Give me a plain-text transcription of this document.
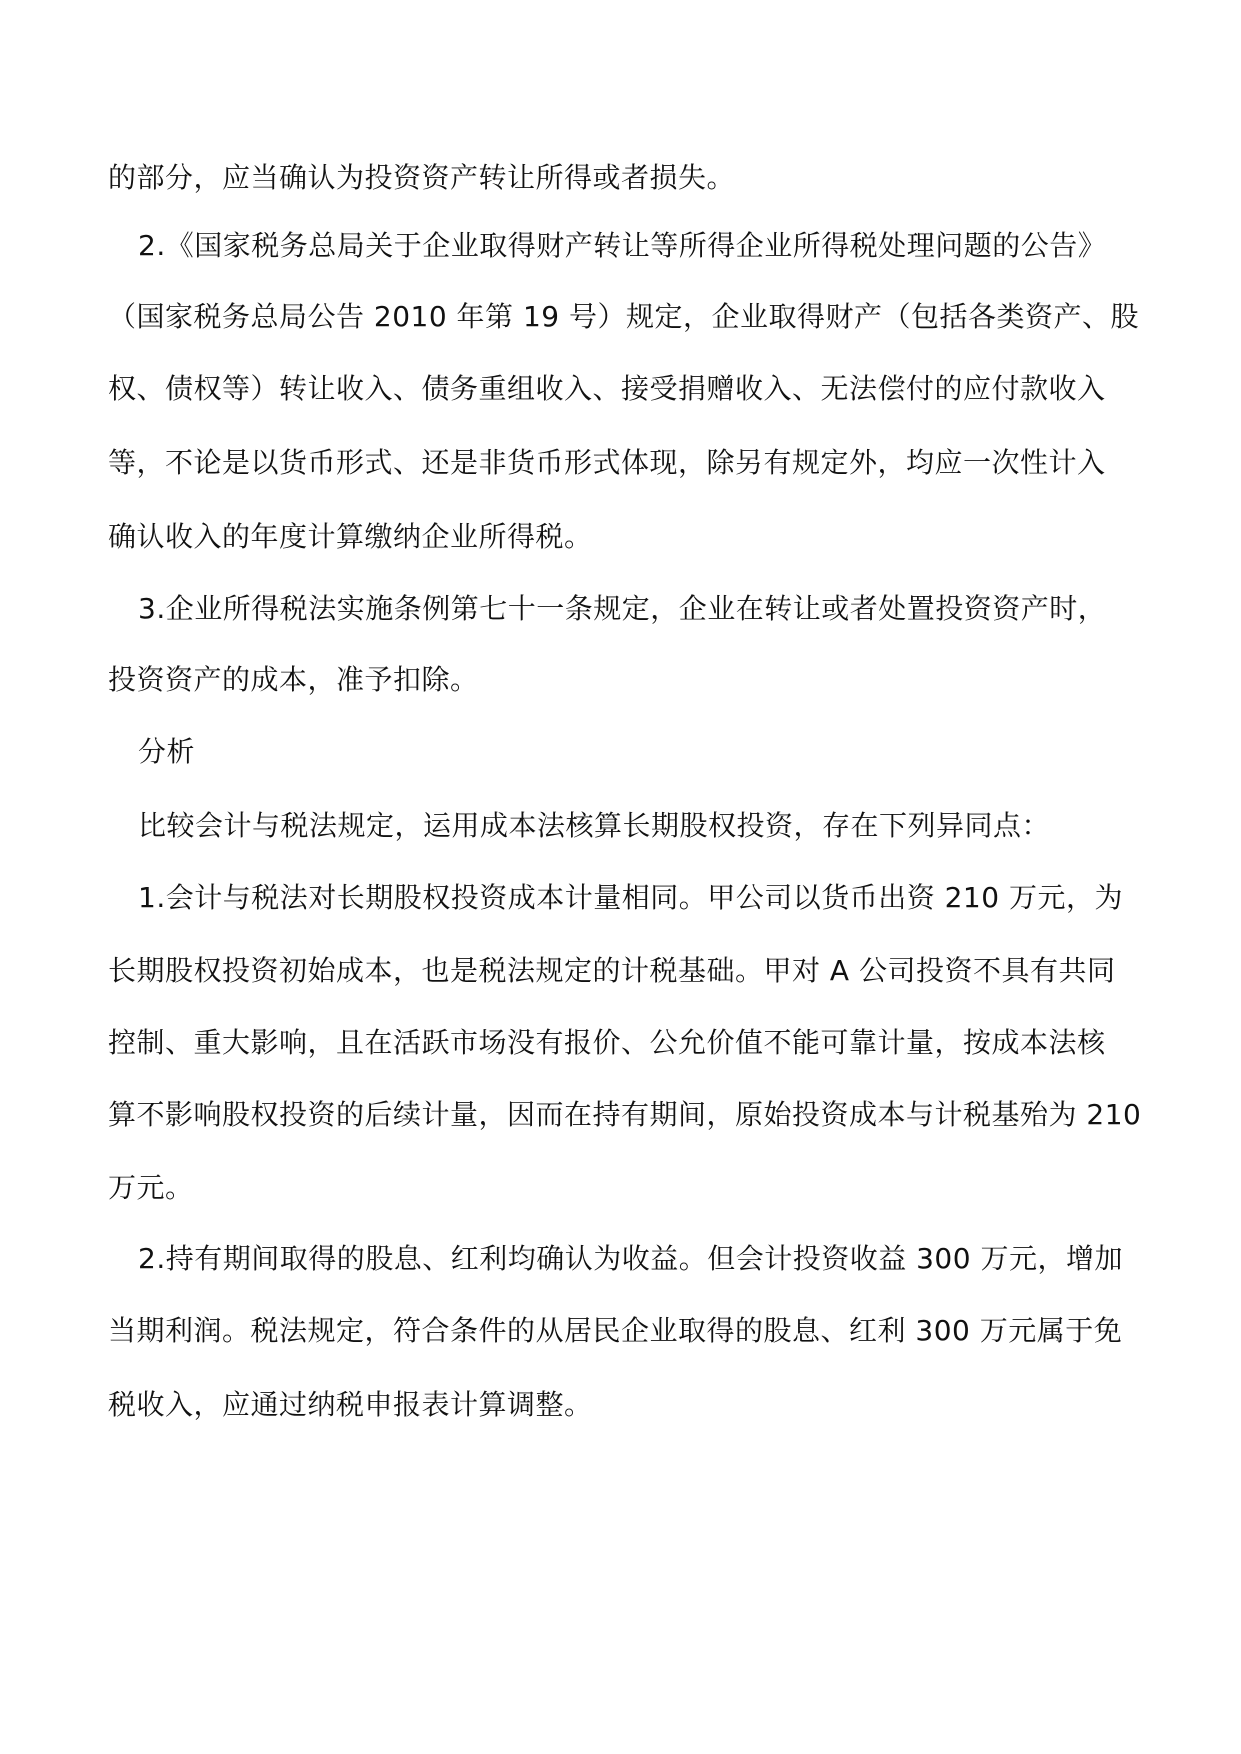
的部分，应当确认为投资资产转让所得或者损失。
2.《国家税务总局关于企业取得财产转让等所得企业所得税处理问题的公告》
（国家税务总局公告 2010 年第 19 号）规定，企业取得财产（包括各类资产、股
权、债权等）转让收入、债务重组收入、接受捐赠收入、无法偿付的应付款收入
等，不论是以货币形式、还是非货币形式体现，除另有规定外，均应一次性计入
确认收入的年度计算缴纳企业所得税。
3.企业所得税法实施条例第七十一条规定，企业在转让或者处置投资资产时，
投资资产的成本，准予扣除。
分析
比较会计与税法规定，运用成本法核算长期股权投资，存在下列异同点：
1.会计与税法对长期股权投资成本计量相同。甲公司以货币出资 210 万元，为
长期股权投资初始成本，也是税法规定的计税基础。甲对 A 公司投资不具有共同
控制、重大影响，且在活跃市场没有报价、公允价值不能可靠计量，按成本法核
算不影响股权投资的后续计量，因而在持有期间，原始投资成本与计税基殆为 210
万元。
2.持有期间取得的股息、红利均确认为收益。但会计投资收益 300 万元，增加
当期利润。税法规定，符合条件的从居民企业取得的股息、红利 300 万元属于免
税收入，应通过纳税申报表计算调整。
